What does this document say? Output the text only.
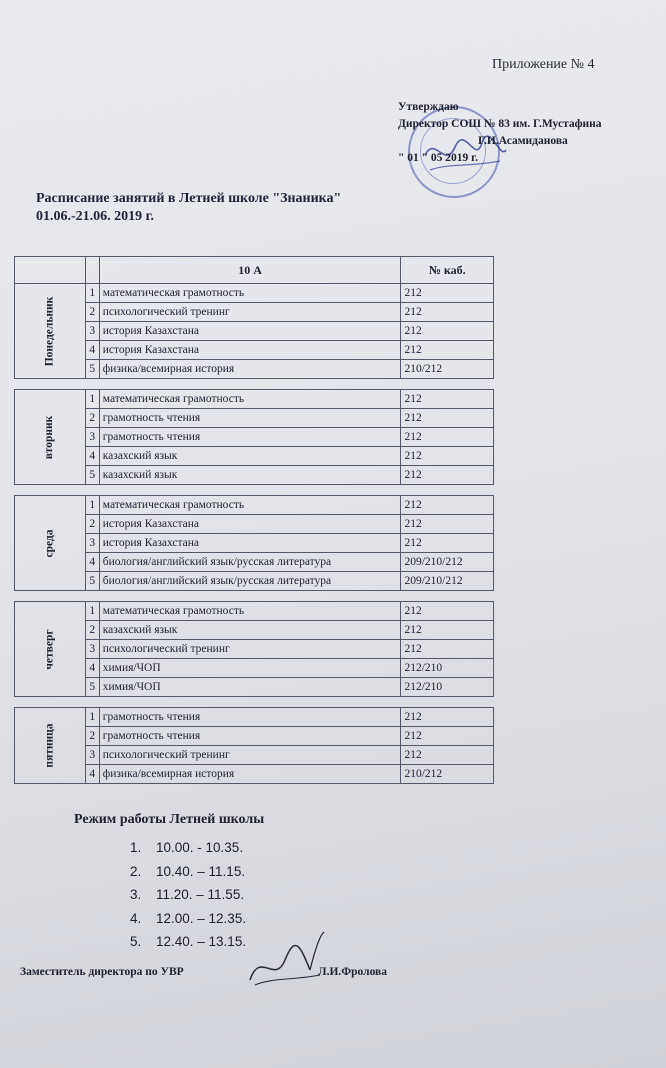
Приложение № 4
Утверждаю
Директор СОШ № 83 им. Г.Мустафина
Г.И.Асамиданова
" 01 " 05 2019 г.
Расписание занятий в Летней школе "Знаника"
01.06.-21.06. 2019 г.
		10 А	№ каб.
Понедельник	1	математическая грамотность	212
	2	психологический тренинг	212
	3	история Казахстана	212
	4	история Казахстана	212
	5	физика/всемирная история	210/212

вторник	1	математическая грамотность	212
	2	грамотность чтения	212
	3	грамотность чтения	212
	4	казахский язык	212
	5	казахский язык	212

среда	1	математическая грамотность	212
	2	история Казахстана	212
	3	история Казахстана	212
	4	биология/английский язык/русская литература	209/210/212
	5	биология/английский язык/русская литература	209/210/212

четверг	1	математическая грамотность	212
	2	казахский язык	212
	3	психологический тренинг	212
	4	химия/ЧОП	212/210
	5	химия/ЧОП	212/210

пятница	1	грамотность чтения	212
	2	грамотность чтения	212
	3	психологический тренинг	212
	4	физика/всемирная история	210/212
Режим работы Летней школы
1. 10.00. - 10.35.
2. 10.40. – 11.15.
3. 11.20. – 11.55.
4. 12.00. – 12.35.
5. 12.40. – 13.15.
Заместитель директора по УВР	Л.И.Фролова
